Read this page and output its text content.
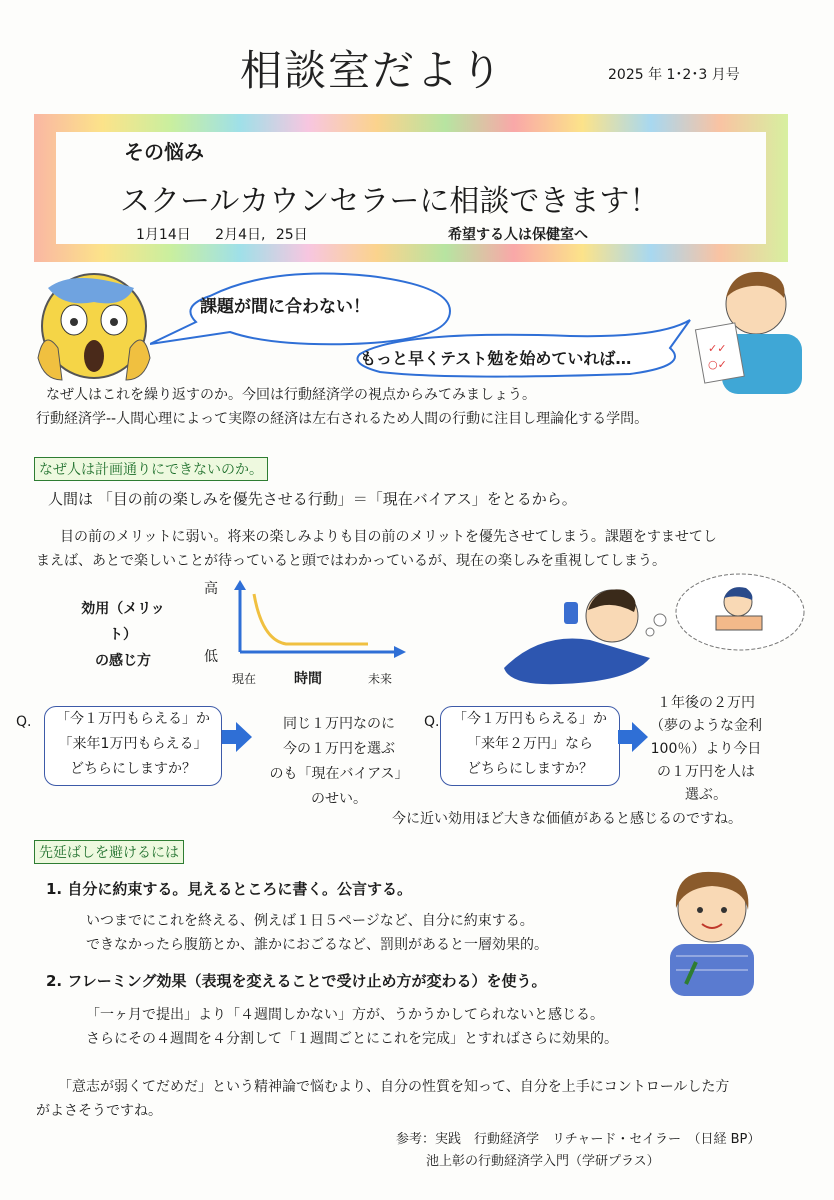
相談室だより	2025 年 1･2･3 月号
その悩み
スクールカウンセラーに相談できます！
1月14日　 2月4日, 25日	希望する人は保健室へ
課題が間に合わない！
もっと早くテスト勉を始めていれば…
✓✓
○✓
なぜ人はこれを繰り返すのか。今回は行動経済学の視点からみてみましょう。
行動経済学--人間心理によって実際の経済は左右されるため人間の行動に注目し理論化する学問。
なぜ人は計画通りにできないのか。
人間は 「目の前の楽しみを優先させる行動」＝「現在バイアス」をとるから。
目の前のメリットに弱い。将来の楽しみよりも目の前のメリットを優先させてしまう。課題をすませてし
まえば、あとで楽しいことが待っていると頭ではわかっているが、現在の楽しみを重視してしまう。
効用（メリット）
の感じ方
高
低
現在	時間	未来
Q.	「今１万円もらえる」か
「来年1万円もらえる」
どちらにしますか？
同じ１万円なのに
今の１万円を選ぶ
のも「現在バイアス」
のせい。
Q. 「今１万円もらえる」か
「来年２万円」なら
どちらにしますか？
１年後の２万円
（夢のような金利
100％）より今日
の１万円を人は
選ぶ。
今に近い効用ほど大きな価値があると感じるのですね。
先延ばしを避けるには
1. 自分に約束する。見えるところに書く。公言する。
いつまでにこれを終える、例えば１日５ページなど、自分に約束する。
できなかったら腹筋とか、誰かにおごるなど、罰則があると一層効果的。
2. フレーミング効果（表現を変えることで受け止め方が変わる）を使う。
「一ヶ月で提出」より「４週間しかない」方が、うかうかしてられないと感じる。
さらにその４週間を４分割して「１週間ごとにこれを完成」とすればさらに効果的。
「意志が弱くてだめだ」という精神論で悩むより、自分の性質を知って、自分を上手にコントロールした方
がよさそうですね。
参考：実践　行動経済学　リチャード・セイラー　（日経 BP）
池上彰の行動経済学入門（学研プラス）
